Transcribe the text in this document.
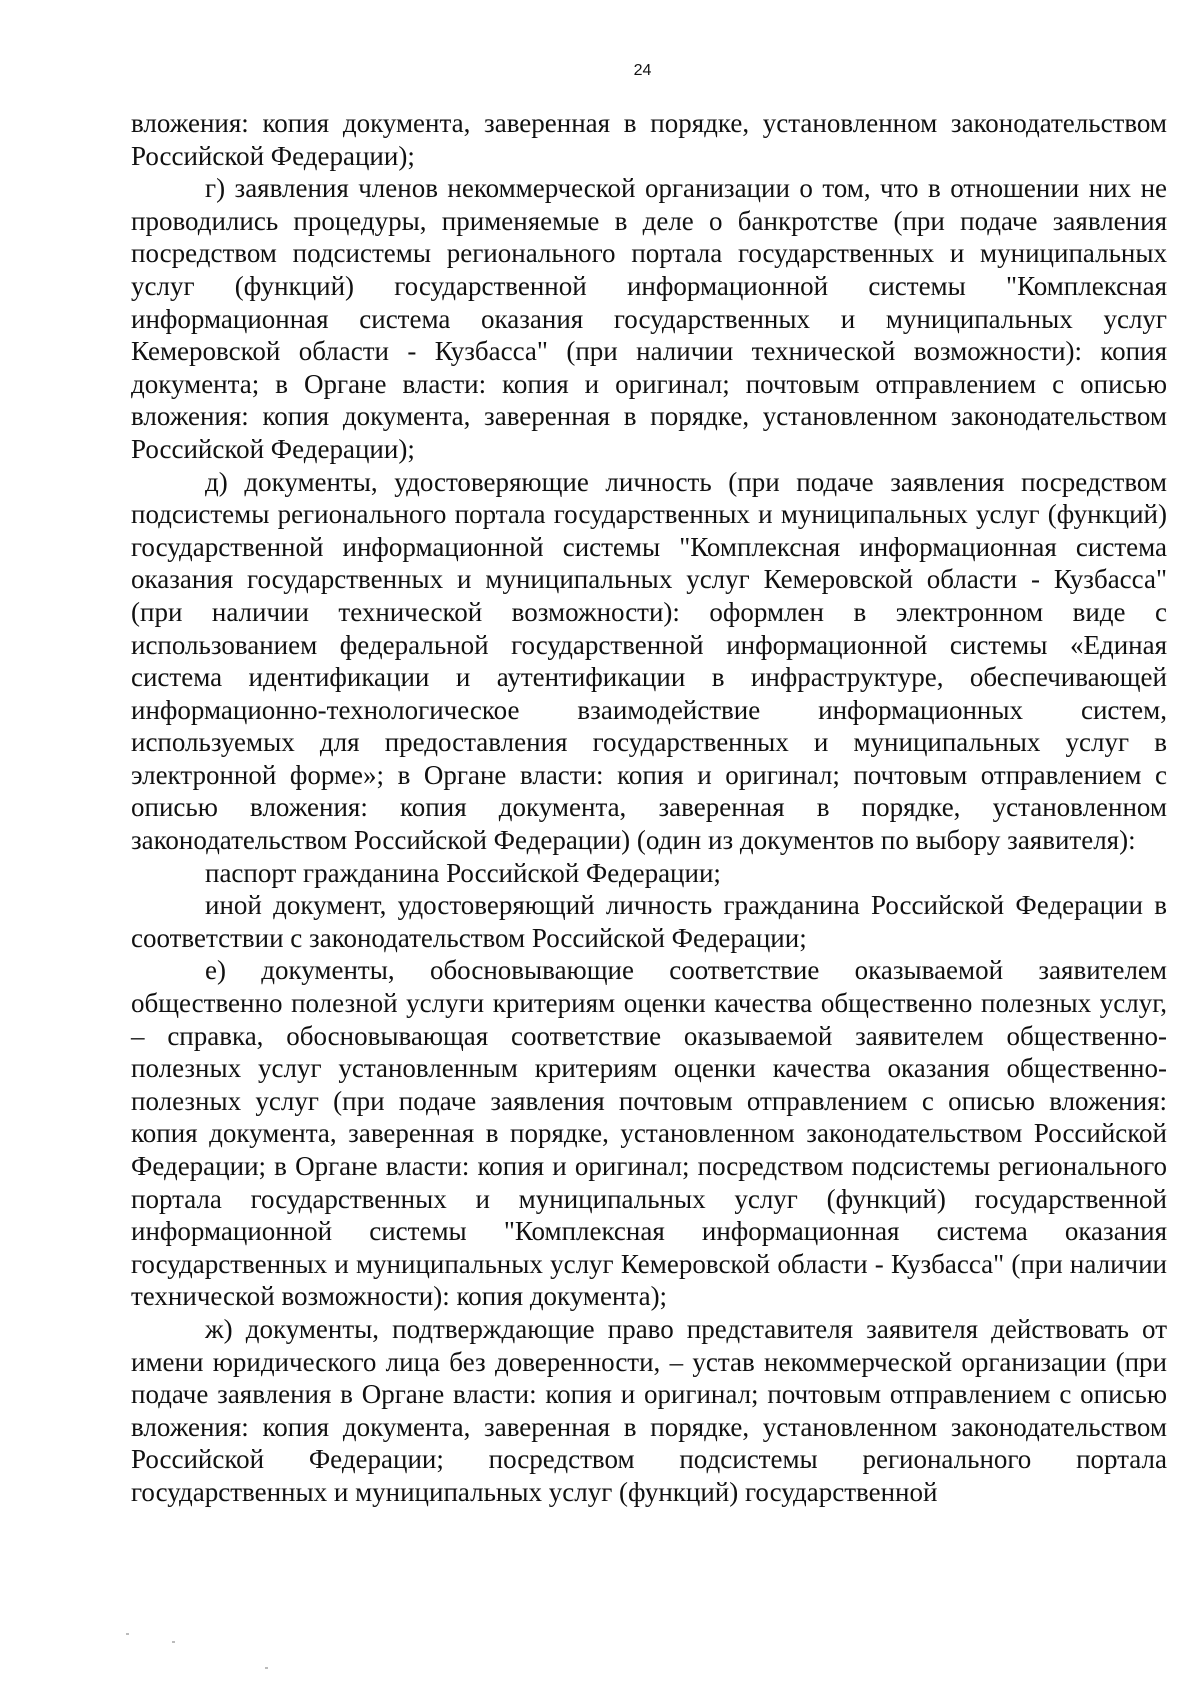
24

вложения: копия документа, заверенная в порядке, установленном законодательством Российской Федерации);

г) заявления членов некоммерческой организации о том, что в отношении них не проводились процедуры, применяемые в деле о банкротстве (при подаче заявления посредством подсистемы регионального портала государственных и муниципальных услуг (функций) государственной информационной системы "Комплексная информационная система оказания государственных и муниципальных услуг Кемеровской области - Кузбасса" (при наличии технической возможности): копия документа; в Органе власти: копия и оригинал; почтовым отправлением с описью вложения: копия документа, заверенная в порядке, установленном законодательством Российской Федерации);

д) документы, удостоверяющие личность (при подаче заявления посредством подсистемы регионального портала государственных и муниципальных услуг (функций) государственной информационной системы "Комплексная информационная система оказания государственных и муниципальных услуг Кемеровской области - Кузбасса" (при наличии технической возможности): оформлен в электронном виде с использованием федеральной государственной информационной системы «Единая система идентификации и аутентификации в инфраструктуре, обеспечивающей информационно-технологическое взаимодействие информационных систем, используемых для предоставления государственных и муниципальных услуг в электронной форме»; в Органе власти: копия и оригинал; почтовым отправлением с описью вложения: копия документа, заверенная в порядке, установленном законодательством Российской Федерации) (один из документов по выбору заявителя):

паспорт гражданина Российской Федерации;

иной документ, удостоверяющий личность гражданина Российской Федерации в соответствии с законодательством Российской Федерации;

е) документы, обосновывающие соответствие оказываемой заявителем общественно полезной услуги критериям оценки качества общественно полезных услуг, – справка, обосновывающая соответствие оказываемой заявителем общественно-полезных услуг установленным критериям оценки качества оказания общественно-полезных услуг (при подаче заявления почтовым отправлением с описью вложения: копия документа, заверенная в порядке, установленном законодательством Российской Федерации; в Органе власти: копия и оригинал; посредством подсистемы регионального портала государственных и муниципальных услуг (функций) государственной информационной системы "Комплексная информационная система оказания государственных и муниципальных услуг Кемеровской области - Кузбасса" (при наличии технической возможности): копия документа);

ж) документы, подтверждающие право представителя заявителя действовать от имени юридического лица без доверенности, – устав некоммерческой организации (при подаче заявления в Органе власти: копия и оригинал; почтовым отправлением с описью вложения: копия документа, заверенная в порядке, установленном законодательством Российской Федерации; посредством подсистемы регионального портала государственных и муниципальных услуг (функций) государственной
